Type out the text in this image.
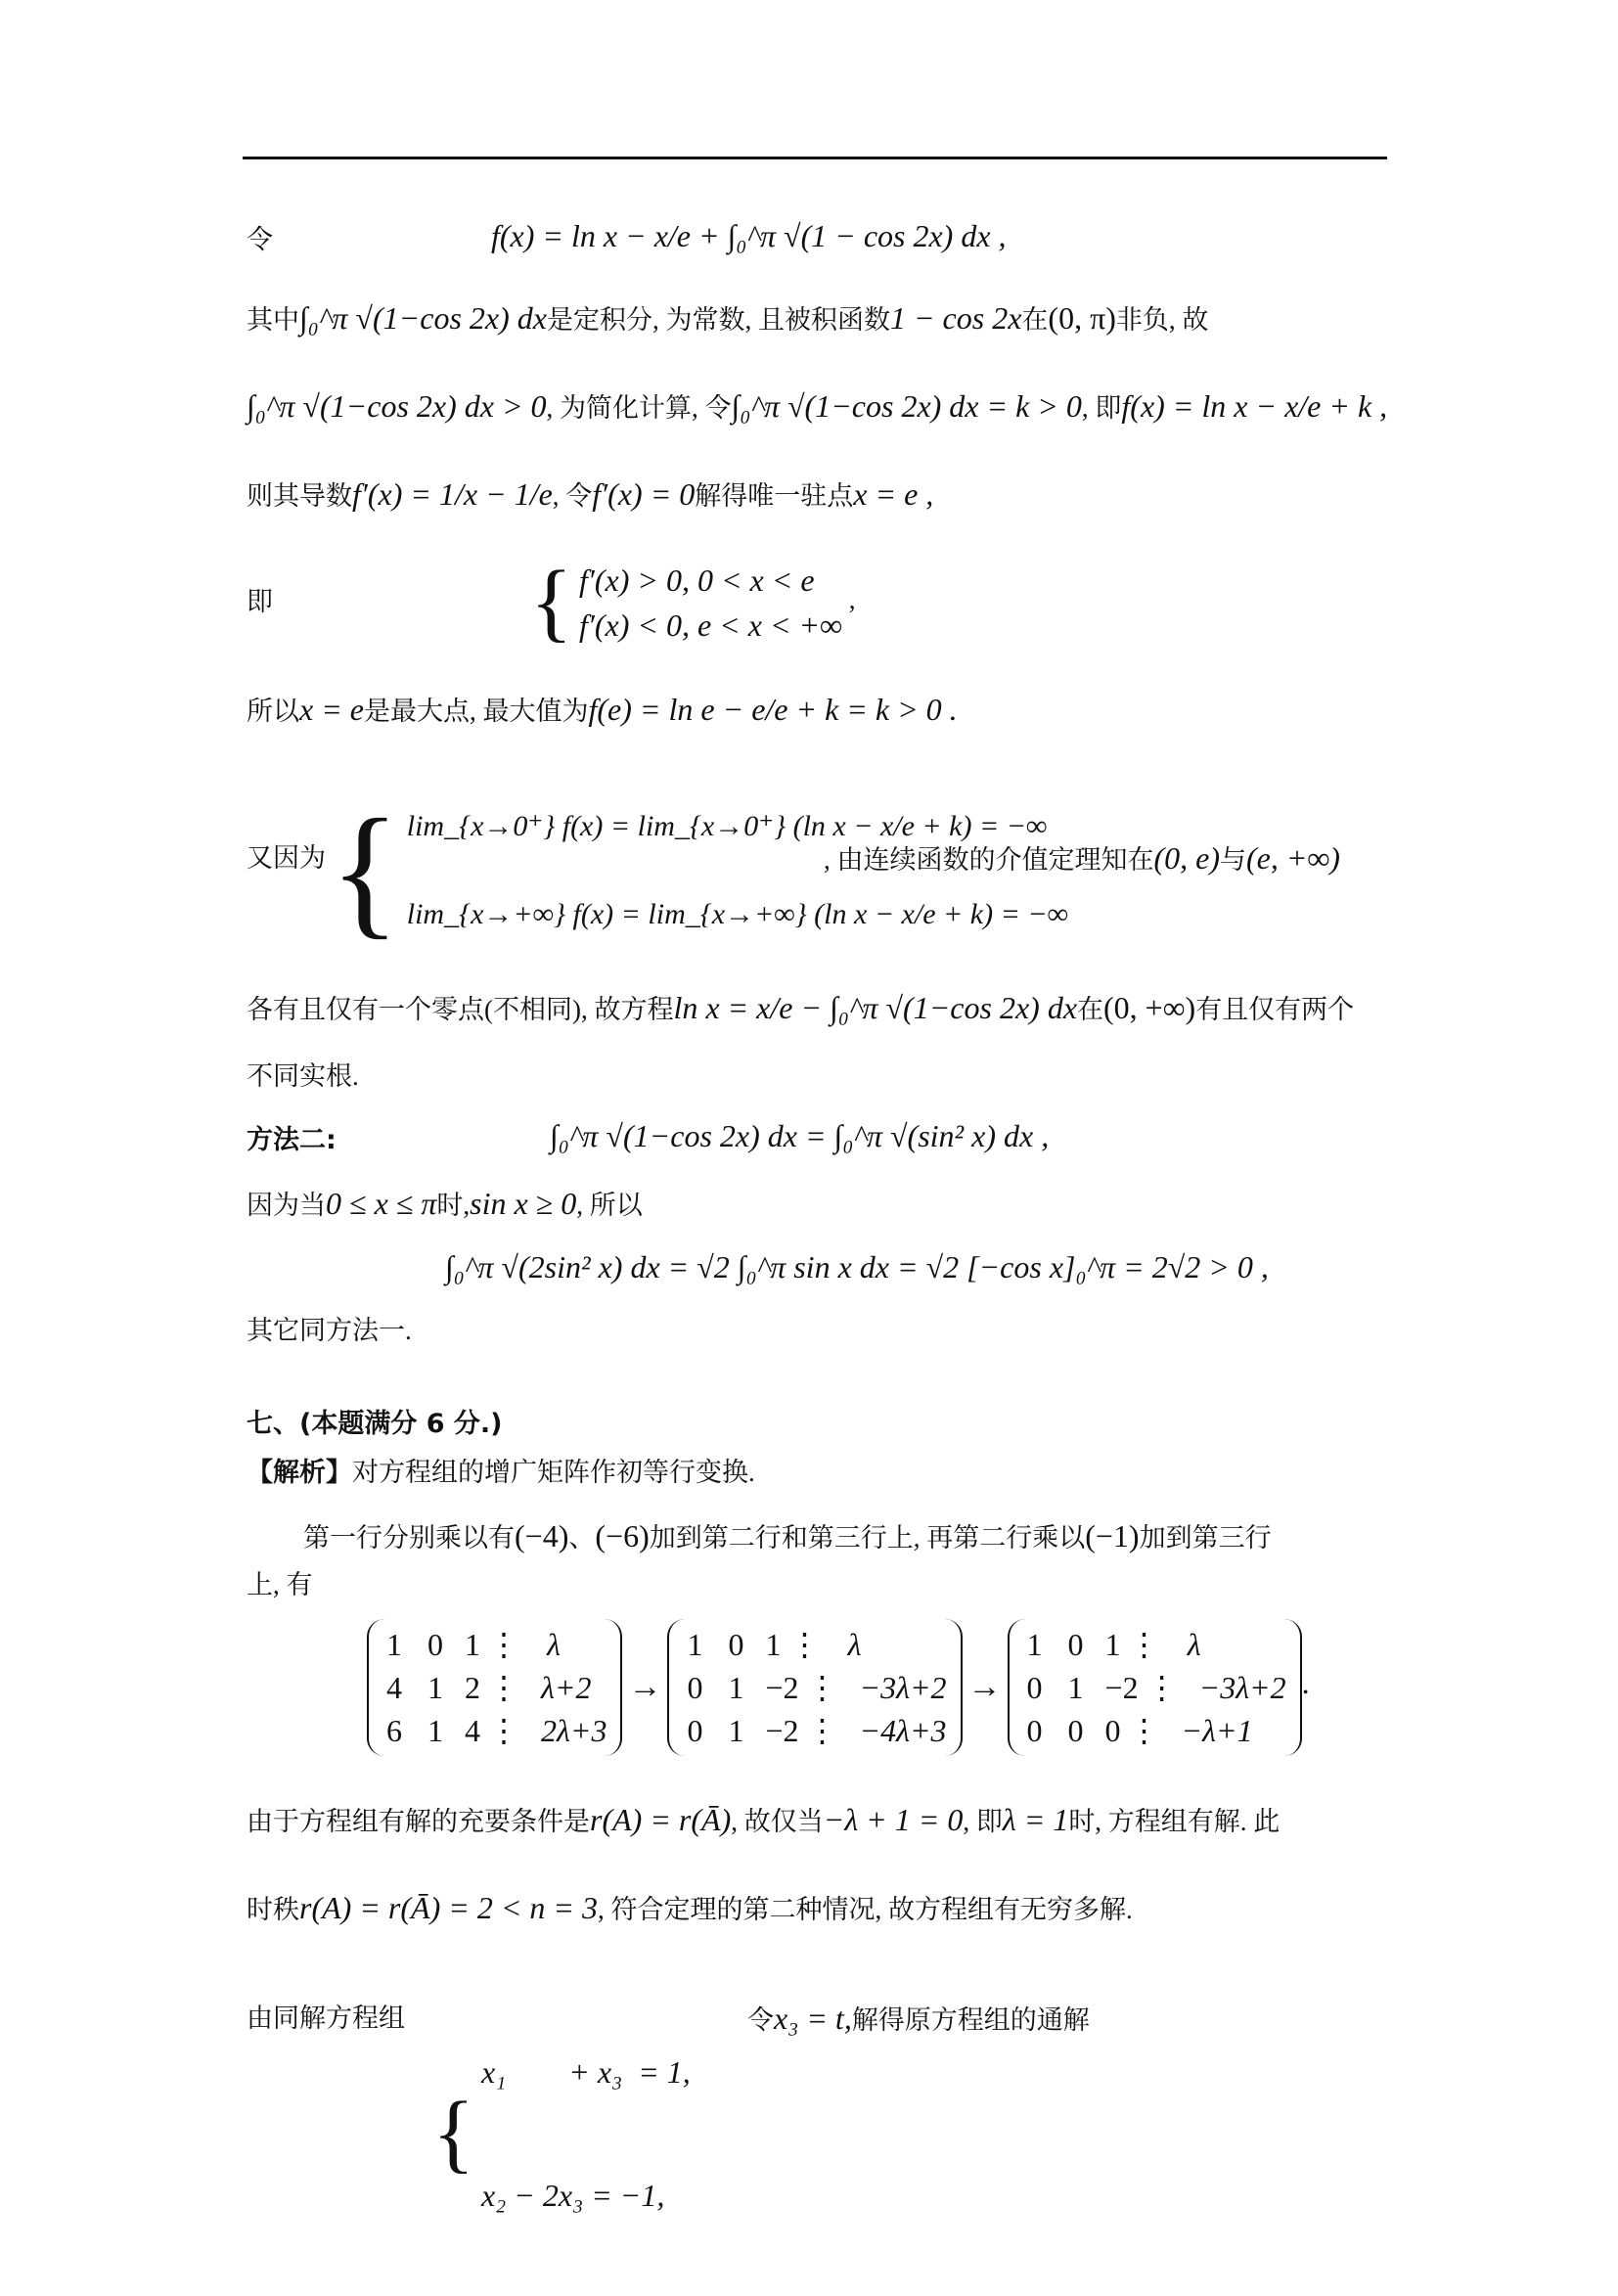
令	f(x) = ln x − x/e + ∫₀^π √(1 − cos 2x) dx ,
其中∫₀^π √(1−cos 2x) dx是定积分, 为常数, 且被积函数1 − cos 2x在(0, π)非负, 故
∫₀^π √(1−cos 2x) dx > 0, 为简化计算, 令∫₀^π √(1−cos 2x) dx = k > 0, 即f(x) = ln x − x/e + k ,
则其导数f′(x) = 1/x − 1/e, 令f′(x) = 0解得唯一驻点x = e ,
即	{ f′(x) > 0, 0 < x < e
f′(x) < 0, e < x < +∞
,
所以x = e是最大点, 最大值为f(e) = ln e − e/e + k = k > 0 .
又因为 { lim_{x→0⁺} f(x) = lim_{x→0⁺} (ln x − x/e + k) = −∞
lim_{x→+∞} f(x) = lim_{x→+∞} (ln x − x/e + k) = −∞
, 由连续函数的介值定理知在(0, e)与(e, +∞)
各有且仅有一个零点(不相同), 故方程ln x = x/e − ∫₀^π √(1−cos 2x) dx在(0, +∞)有且仅有两个
不同实根.
方法二:	∫₀^π √(1−cos 2x) dx = ∫₀^π √(sin² x) dx ,
因为当0 ≤ x ≤ π时,sin x ≥ 0, 所以
∫₀^π √(2sin² x) dx = √2 ∫₀^π sin x dx = √2 [−cos x]₀^π = 2√2 > 0 ,
其它同方法一.
七、(本题满分 6 分.)
【解析】对方程组的增广矩阵作初等行变换.
第一行分别乘以有(−4)、(−6)加到第二行和第三行上, 再第二行乘以(−1)加到第三行
上, 有
1 0 1 ⋮ λ
4 1 2 ⋮ λ+2
6 1 4 ⋮ 2λ+3
→
1 0 1 ⋮ λ
0 1 −2 ⋮ −3λ+2
0 1 −2 ⋮ −4λ+3
→
1 0 1 ⋮ λ
0 1 −2 ⋮ −3λ+2
0 0 0 ⋮ −λ+1
.
由于方程组有解的充要条件是r(A) = r(Ā), 故仅当−λ + 1 = 0, 即λ = 1时, 方程组有解. 此
时秩r(A) = r(Ā) = 2 < n = 3, 符合定理的第二种情况, 故方程组有无穷多解.
由同解方程组
{

x₁        + x₃  = 1,

x₂ − 2x₃ = −1,

令x₃ = t,解得原方程组的通解
